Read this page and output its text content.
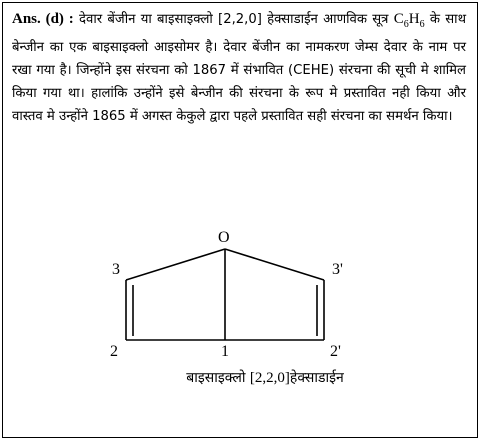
Ans. (d) : देवार बेंजीन या बाइसाइक्लो [2,2,0] हेक्साडाईन आणविक सूत्र $C_6H_6$ के साथ बेन्जीन का एक बाइसाइक्लो आइसोमर है। देवार बेंजीन का नामकरण जेम्स देवार के नाम पर रखा गया है। जिन्होंने इस संरचना को 1867 में संभावित (CEHE) संरचना की सूची मे शामिल किया गया था। हालांकि उन्होंने इसे बेन्जीन की संरचना के रूप मे प्रस्तावित नही किया और वास्तव मे उन्होंने 1865 में अगस्त केकुले द्वारा पहले प्रस्तावित सही संरचना का समर्थन किया।
O
3	3'
2	1	2'
बाइसाइक्लो [2,2,0]हेक्साडाईन
